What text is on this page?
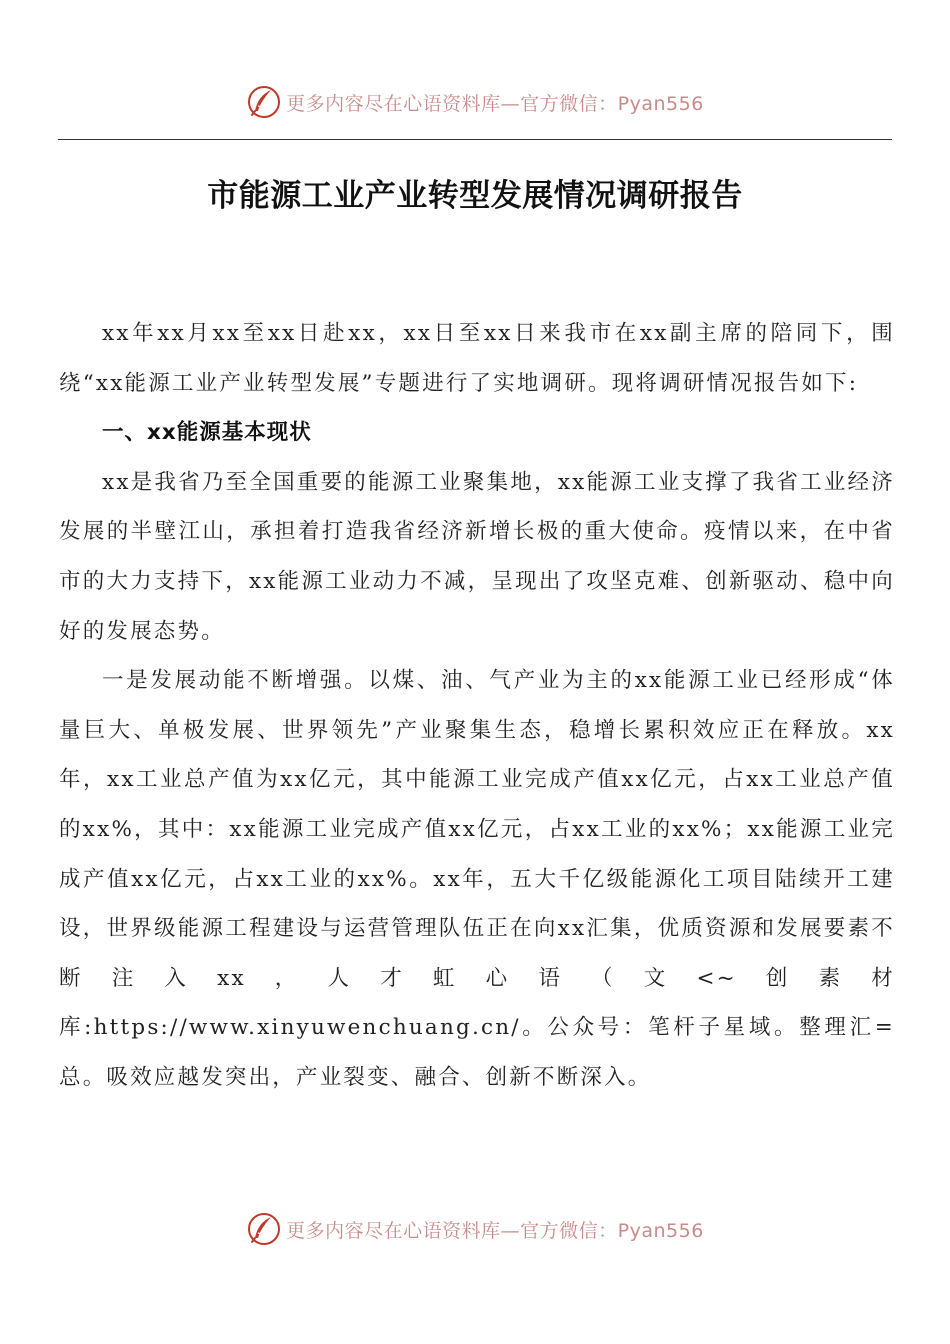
更多内容尽在心语资料库—官方微信：Pyan556
市能源工业产业转型发展情况调研报告

xx年xx月xx至xx日赴xx，xx日至xx日来我市在xx副主席的陪同下，围绕“xx能源工业产业转型发展”专题进行了实地调研。现将调研情况报告如下:

一、xx能源基本现状

xx是我省乃至全国重要的能源工业聚集地，xx能源工业支撑了我省工业经济发展的半壁江山，承担着打造我省经济新增长极的重大使命。疫情以来，在中省市的大力支持下，xx能源工业动力不减，呈现出了攻坚克难、创新驱动、稳中向好的发展态势。

一是发展动能不断增强。以煤、油、气产业为主的xx能源工业已经形成“体量巨大、单极发展、世界领先”产业聚集生态，稳增长累积效应正在释放。xx年，xx工业总产值为xx亿元，其中能源工业完成产值xx亿元，占xx工业总产值的xx%，其中：xx能源工业完成产值xx亿元，占xx工业的xx%；xx能源工业完成产值xx亿元，占xx工业的xx%。xx年，五大千亿级能源化工项目陆续开工建设，世界级能源工程建设与运营管理队伍正在向xx汇集，优质资源和发展要素不断注入xx，人才虹心语（文<~创素材库:https://www.xinyuwenchuang.cn/。公众号：笔杆子星域。整理汇=总。吸效应越发突出，产业裂变、融合、创新不断深入。

更多内容尽在心语资料库—官方微信：Pyan556
